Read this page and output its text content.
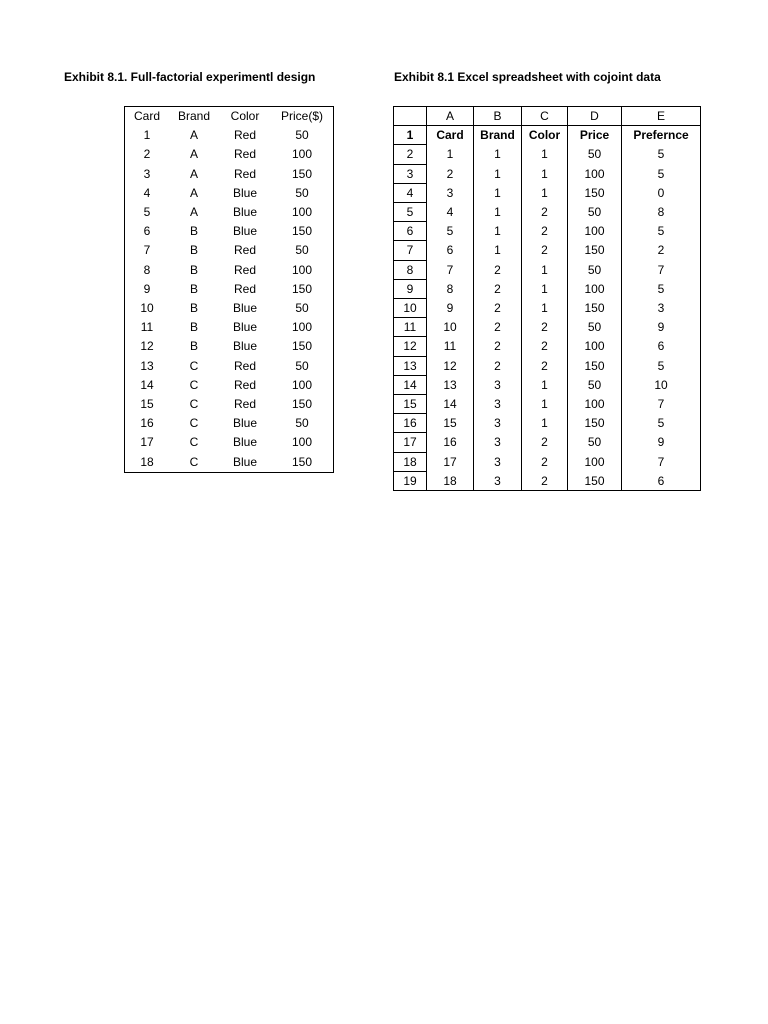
Exhibit 8.1. Full-factorial experimentl design	Exhibit 8.1 Excel spreadsheet with cojoint data
Card	Brand	Color	Price($)
1	A	Red	50
2	A	Red	100
3	A	Red	150
4	A	Blue	50
5	A	Blue	100
6	B	Blue	150
7	B	Red	50
8	B	Red	100
9	B	Red	150
10	B	Blue	50
11	B	Blue	100
12	B	Blue	150
13	C	Red	50
14	C	Red	100
15	C	Red	150
16	C	Blue	50
17	C	Blue	100
18	C	Blue	150
	A	B	C	D	E
1	Card	Brand	Color	Price	Prefernce
2	1	1	1	50	5
3	2	1	1	100	5
4	3	1	1	150	0
5	4	1	2	50	8
6	5	1	2	100	5
7	6	1	2	150	2
8	7	2	1	50	7
9	8	2	1	100	5
10	9	2	1	150	3
11	10	2	2	50	9
12	11	2	2	100	6
13	12	2	2	150	5
14	13	3	1	50	10
15	14	3	1	100	7
16	15	3	1	150	5
17	16	3	2	50	9
18	17	3	2	100	7
19	18	3	2	150	6
